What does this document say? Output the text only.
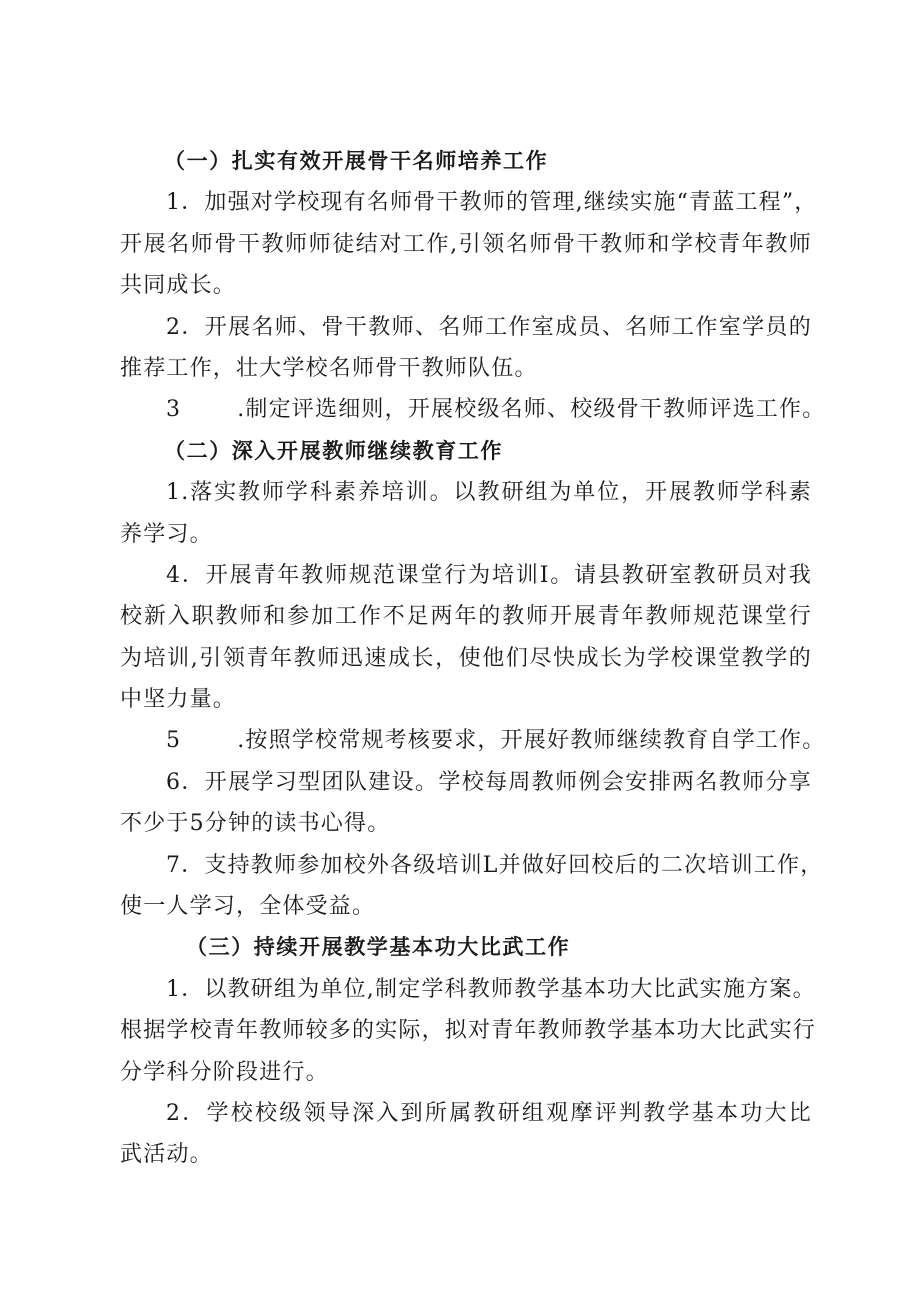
（一）扎实有效开展骨干名师培养工作
1．加强对学校现有名师骨干教师的管理,继续实施“青蓝工程”，
开展名师骨干教师师徒结对工作,引领名师骨干教师和学校青年教师
共同成长。
2．开展名师、骨干教师、名师工作室成员、名师工作室学员的
推荐工作，壮大学校名师骨干教师队伍。
3	.制定评选细则，开展校级名师、校级骨干教师评选工作。
（二）深入开展教师继续教育工作
1.落实教师学科素养培训。以教研组为单位，开展教师学科素
养学习。
4．开展青年教师规范课堂行为培训I。请县教研室教研员对我
校新入职教师和参加工作不足两年的教师开展青年教师规范课堂行
为培训,引领青年教师迅速成长，使他们尽快成长为学校课堂教学的
中坚力量。
5	.按照学校常规考核要求，开展好教师继续教育自学工作。
6．开展学习型团队建设。学校每周教师例会安排两名教师分享
不少于5分钟的读书心得。
7．支持教师参加校外各级培训L并做好回校后的二次培训工作，
使一人学习，全体受益。
（三）持续开展教学基本功大比武工作
1．以教研组为单位,制定学科教师教学基本功大比武实施方案。
根据学校青年教师较多的实际，拟对青年教师教学基本功大比武实行
分学科分阶段进行。
2．学校校级领导深入到所属教研组观摩评判教学基本功大比
武活动。
